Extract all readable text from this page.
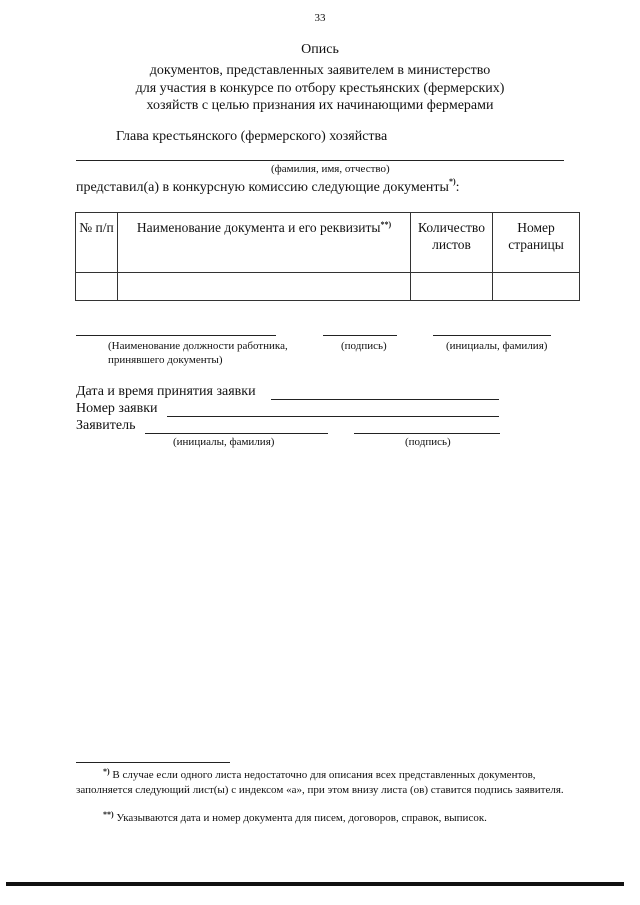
33
Опись
документов, представленных заявителем в министерство
для участия в конкурсе по отбору крестьянских (фермерских)
хозяйств с целью признания их начинающими фермерами
Глава крестьянского (фермерского) хозяйства
(фамилия, имя, отчество)
представил(а) в конкурсную комиссию следующие документы*):
№ п/п	Наименование документа и его реквизиты**)	Количество листов	Номер страницы

(Наименование должности работника, принявшего документы)
(подпись)	(инициалы, фамилия)
Дата и время принятия заявки
Номер заявки
Заявитель
(инициалы, фамилия)	(подпись)
*) В случае если одного листа недостаточно для описания всех представленных документов, заполняется следующий лист(ы) с индексом «а», при этом внизу листа (ов) ставится подпись заявителя.
**) Указываются дата и номер документа для писем, договоров, справок, выписок.
